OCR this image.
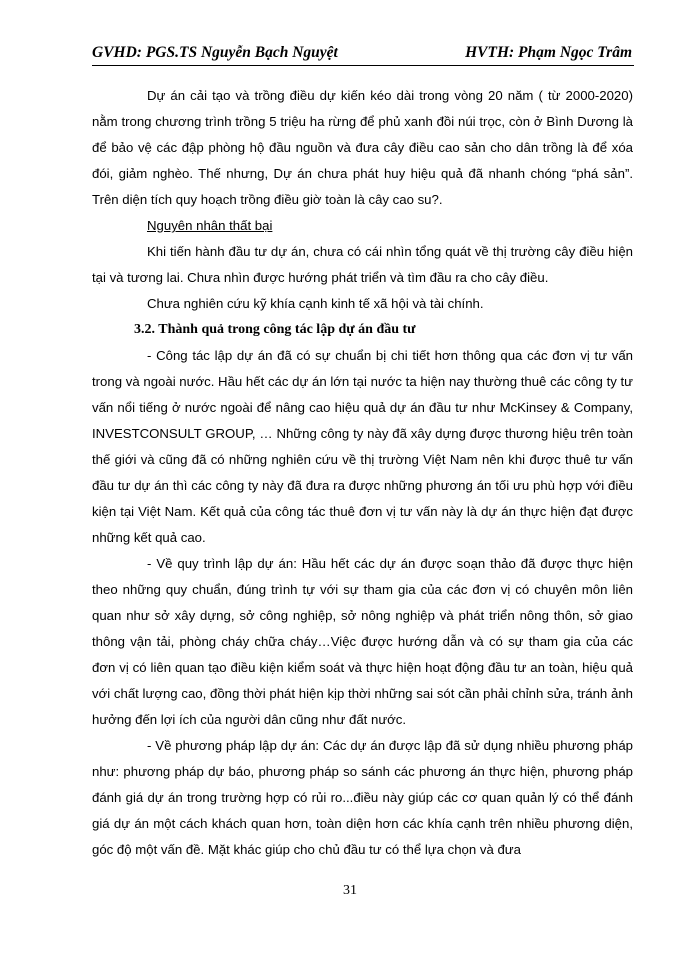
GVHD: PGS.TS Nguyễn Bạch Nguyệt	HVTH: Phạm Ngọc Trâm

Dự án cải tạo và trồng điều dự kiến kéo dài trong vòng 20 năm ( từ 2000-2020) nằm trong chương trình trồng 5 triệu ha rừng để phủ xanh đồi núi trọc, còn ở Bình Dương là để bảo vệ các đập phòng hộ đầu nguồn và đưa cây điều cao sản cho dân trồng là để xóa đói, giảm nghèo. Thế nhưng, Dự án chưa phát huy hiệu quả đã nhanh chóng “phá sản”. Trên diện tích quy hoạch trồng điều giờ toàn là cây cao su?.

Nguyên nhân thất bại

Khi tiến hành đầu tư dự án, chưa có cái nhìn tổng quát về thị trường cây điều hiện tại và tương lai. Chưa nhìn được hướng phát triển và tìm đầu ra cho cây điều.

Chưa nghiên cứu kỹ khía cạnh kinh tế xã hội và tài chính.

3.2. Thành quả trong công tác lập dự án đầu tư

- Công tác lập dự án đã có sự chuẩn bị chi tiết hơn thông qua các đơn vị tư vấn trong và ngoài nước. Hầu hết các dự án lớn tại nước ta hiện nay thường thuê các công ty tư vấn nổi tiếng ở nước ngoài để nâng cao hiệu quả dự án đầu tư như McKinsey & Company, INVESTCONSULT GROUP, … Những công ty này đã xây dựng được thương hiệu trên toàn thế giới và cũng đã có những nghiên cứu về thị trường Việt Nam nên khi được thuê tư vấn đầu tư dự án thì các công ty này đã đưa ra được những phương án tối ưu phù hợp với điều kiện tại Việt Nam. Kết quả của công tác thuê đơn vị tư vấn này là dự án thực hiện đạt được những kết quả cao.

- Về quy trình lập dự án: Hầu hết các dự án được soạn thảo đã được thực hiện theo những quy chuẩn, đúng trình tự với sự tham gia của các đơn vị có chuyên môn liên quan như sở xây dựng, sở công nghiệp, sở nông nghiệp và phát triển nông thôn, sở giao thông vận tải, phòng cháy chữa cháy…Việc được hướng dẫn và có sự tham gia của các đơn vị có liên quan tạo điều kiện kiểm soát và thực hiện hoạt động đầu tư an toàn, hiệu quả với chất lượng cao, đồng thời phát hiện kịp thời những sai sót cần phải chỉnh sửa, tránh ảnh hưởng đến lợi ích của người dân cũng như đất nước.

- Về phương pháp lập dự án: Các dự án được lập đã sử dụng nhiều phương pháp như: phương pháp dự báo, phương pháp so sánh các phương án thực hiện, phương pháp đánh giá dự án trong trường hợp có rủi ro...điều này giúp các cơ quan quản lý có thể đánh giá dự án một cách khách quan hơn, toàn diện hơn các khía cạnh trên nhiều phương diện, góc độ một vấn đề. Mặt khác giúp cho chủ đầu tư có thể lựa chọn và đưa

31
